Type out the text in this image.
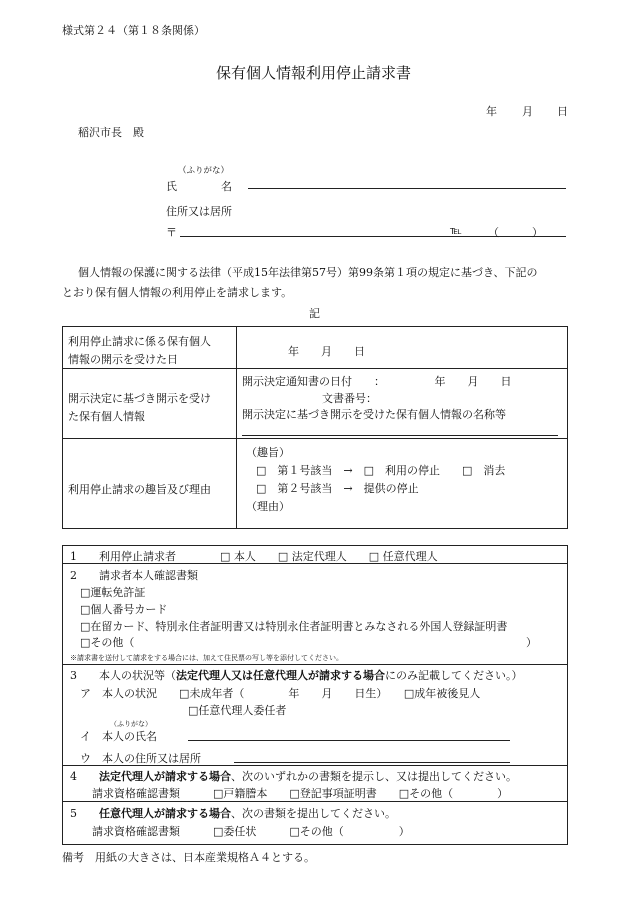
様式第２４（第１８条関係）
保有個人情報利用停止請求書
年 月 日
稲沢市長　殿
（ふりがな）
氏　　　　名
住所又は居所
〒	℡ （　　　）
個人情報の保護に関する法律（平成15年法律第57号）第99条第１項の規定に基づき、下記の
とおり保有個人情報の利用停止を請求します。
記
利用停止請求に係る保有個人
情報の開示を受けた日
年　　月　　日
開示決定に基づき開示を受け
た保有個人情報
開示決定通知書の日付　　：　　　　　年　　月　　日
文書番号：
開示決定に基づき開示を受けた保有個人情報の名称等
利用停止請求の趣旨及び理由
（趣旨）
□　第１号該当　→　□　利用の停止　　□　消去
□　第２号該当　→　提供の停止
（理由）
1　　利用停止請求者　　　　□ 本人　　□ 法定代理人　　□ 任意代理人
2　　請求者本人確認書類
□運転免許証
□個人番号カード
□在留カード、特別永住者証明書又は特別永住者証明書とみなされる外国人登録証明書
□その他（	）
※請求書を送付して請求をする場合には、加えて住民票の写し等を添付してください。
3　　本人の状況等（法定代理人又は任意代理人が請求する場合にのみ記載してください。）
ア　本人の状況　　□未成年者（　　　　年　　月　　日生）　　□成年被後見人
□任意代理人委任者
（ふりがな）
イ　本人の氏名
ウ　本人の住所又は居所
4　　 法定代理人が請求する場合、次のいずれかの書類を提示し、又は提出してください。
請求資格確認書類　　　□戸籍謄本　　□登記事項証明書　　□その他（　　　　）
5　　 任意代理人が請求する場合、次の書類を提出してください。
請求資格確認書類　　　□委任状　　　□その他（　　　　　）
備考　用紙の大きさは、日本産業規格Ａ４とする。
